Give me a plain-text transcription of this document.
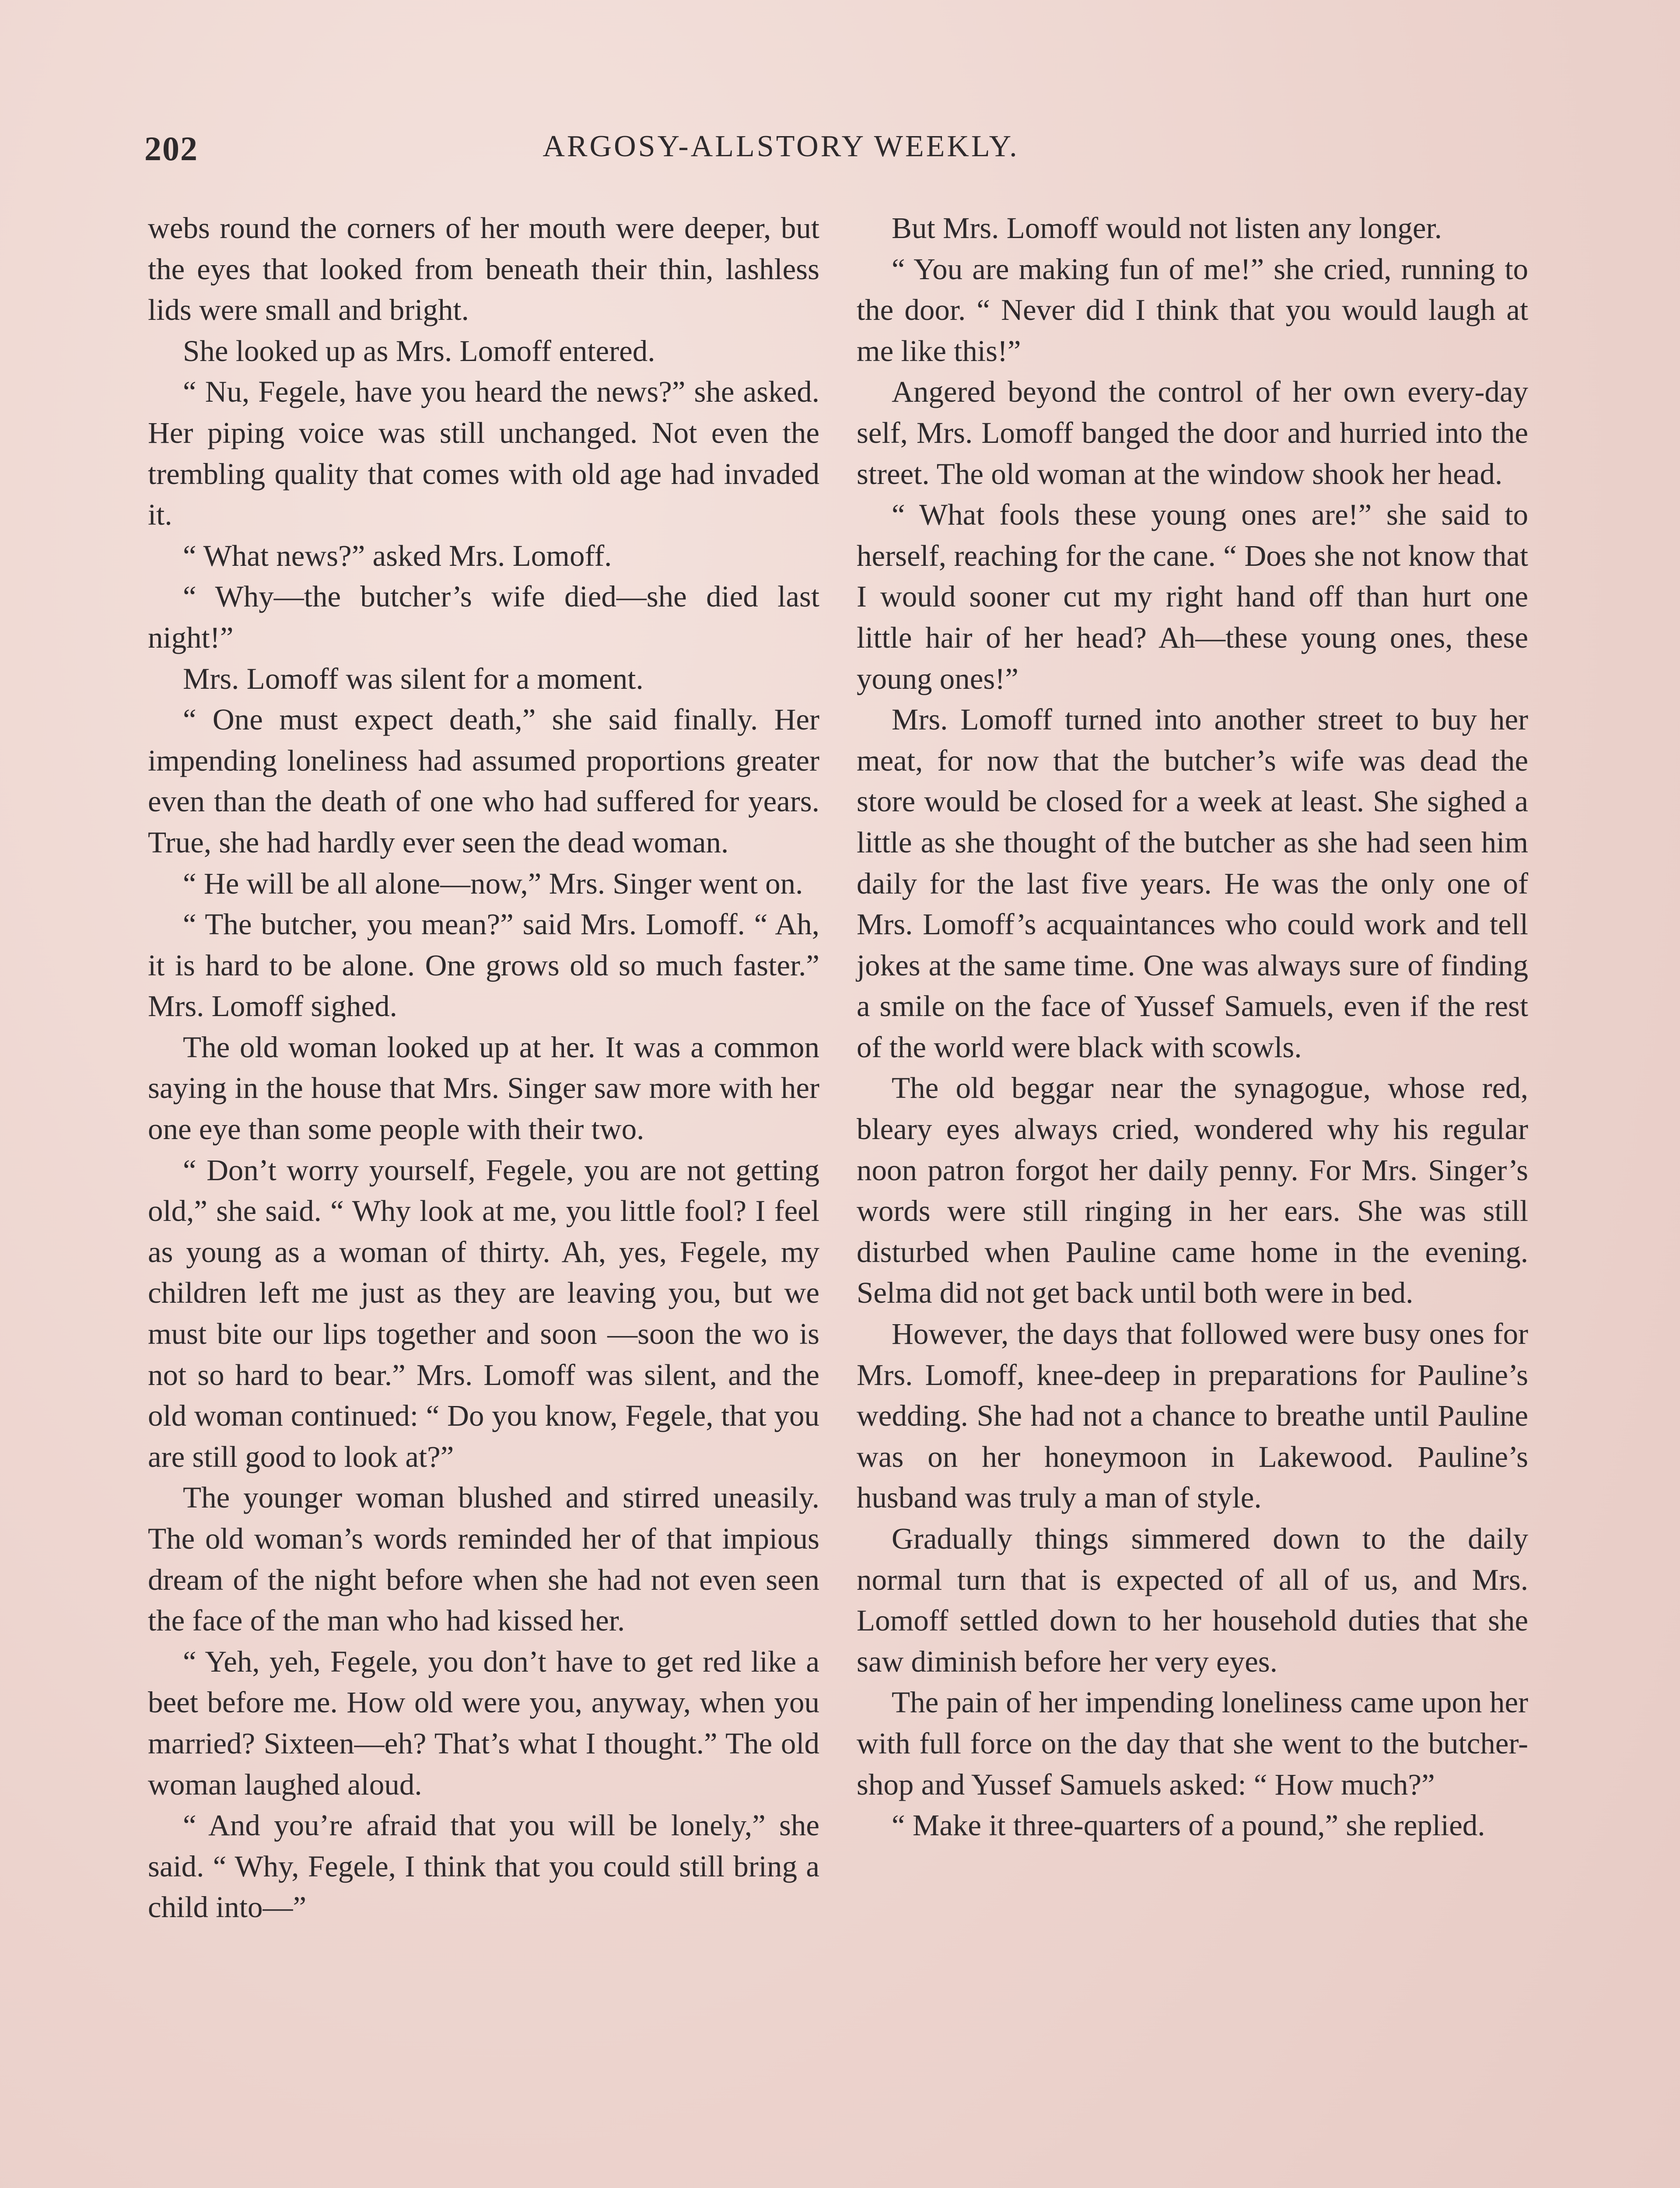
202	ARGOSY-ALLSTORY WEEKLY.

webs round the corners of her mouth were deeper, but the eyes that looked from beneath their thin, lashless lids were small and bright.

She looked up as Mrs. Lomoff entered.

“ Nu, Fegele, have you heard the news?” she asked. Her piping voice was still unchanged. Not even the trembling quality that comes with old age had invaded it.

“ What news?” asked Mrs. Lomoff.

“ Why—the butcher’s wife died—she died last night!”

Mrs. Lomoff was silent for a moment.

“ One must expect death,” she said finally. Her impending loneliness had assumed proportions greater even than the death of one who had suffered for years. True, she had hardly ever seen the dead woman.

“ He will be all alone—now,” Mrs. Singer went on.

“ The butcher, you mean?” said Mrs. Lomoff. “ Ah, it is hard to be alone. One grows old so much faster.” Mrs. Lomoff sighed.

The old woman looked up at her. It was a common saying in the house that Mrs. Singer saw more with her one eye than some people with their two.

“ Don’t worry yourself, Fegele, you are not getting old,” she said. “ Why look at me, you little fool? I feel as young as a woman of thirty. Ah, yes, Fegele, my children left me just as they are leaving you, but we must bite our lips together and soon —soon the wo is not so hard to bear.” Mrs. Lomoff was silent, and the old woman continued: “ Do you know, Fegele, that you are still good to look at?”

The younger woman blushed and stirred uneasily. The old woman’s words reminded her of that impious dream of the night before when she had not even seen the face of the man who had kissed her.

“ Yeh, yeh, Fegele, you don’t have to get red like a beet before me. How old were you, anyway, when you married? Sixteen—eh? That’s what I thought.” The old woman laughed aloud.

“ And you’re afraid that you will be lonely,” she said. “ Why, Fegele, I think that you could still bring a child into—”

But Mrs. Lomoff would not listen any longer.

“ You are making fun of me!” she cried, running to the door. “ Never did I think that you would laugh at me like this!”

Angered beyond the control of her own every-day self, Mrs. Lomoff banged the door and hurried into the street. The old woman at the window shook her head.

“ What fools these young ones are!” she said to herself, reaching for the cane. “ Does she not know that I would sooner cut my right hand off than hurt one little hair of her head? Ah—these young ones, these young ones!”

Mrs. Lomoff turned into another street to buy her meat, for now that the butcher’s wife was dead the store would be closed for a week at least. She sighed a little as she thought of the butcher as she had seen him daily for the last five years. He was the only one of Mrs. Lomoff’s acquaintances who could work and tell jokes at the same time. One was always sure of finding a smile on the face of Yussef Samuels, even if the rest of the world were black with scowls.

The old beggar near the synagogue, whose red, bleary eyes always cried, wondered why his regular noon patron forgot her daily penny. For Mrs. Singer’s words were still ringing in her ears. She was still disturbed when Pauline came home in the evening. Selma did not get back until both were in bed.

However, the days that followed were busy ones for Mrs. Lomoff, knee-deep in preparations for Pauline’s wedding. She had not a chance to breathe until Pauline was on her honeymoon in Lakewood. Pauline’s husband was truly a man of style.

Gradually things simmered down to the daily normal turn that is expected of all of us, and Mrs. Lomoff settled down to her household duties that she saw diminish before her very eyes.

The pain of her impending loneliness came upon her with full force on the day that she went to the butcher-shop and Yussef Samuels asked: “ How much?”

“ Make it three-quarters of a pound,” she replied.
